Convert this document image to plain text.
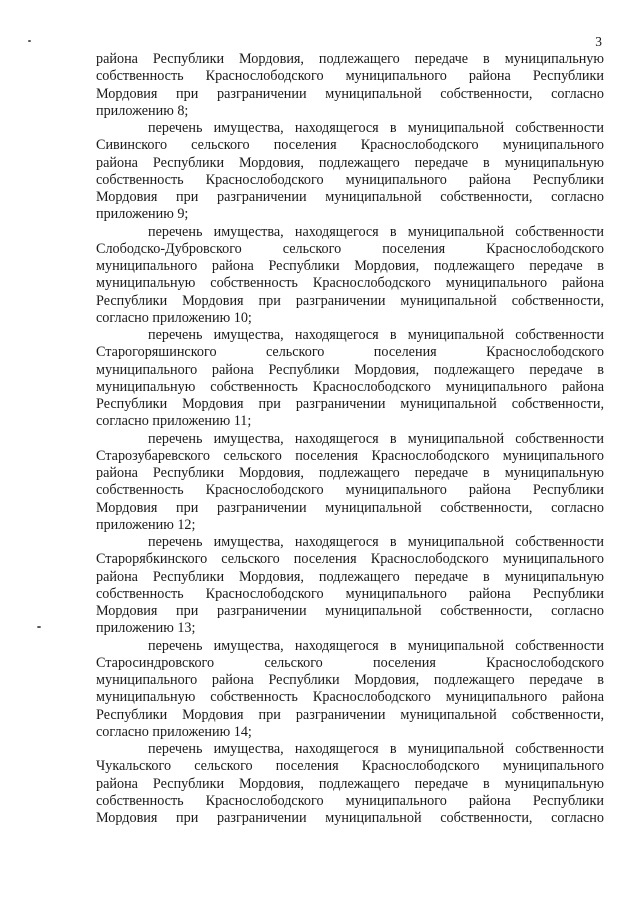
3
района Республики Мордовия, подлежащего передаче в муниципальную
собственность Краснослободского муниципального района Республики
Мордовия при разграничении муниципальной собственности, согласно
приложению 8;
перечень имущества, находящегося в муниципальной собственности
Сивинского сельского поселения Краснослободского муниципального
района Республики Мордовия, подлежащего передаче в муниципальную
собственность Краснослободского муниципального района Республики
Мордовия при разграничении муниципальной собственности, согласно
приложению 9;
перечень имущества, находящегося в муниципальной собственности
Слободско-Дубровского сельского поселения Краснослободского
муниципального района Республики Мордовия, подлежащего передаче в
муниципальную собственность Краснослободского муниципального района
Республики Мордовия при разграничении муниципальной собственности,
согласно приложению 10;
перечень имущества, находящегося в муниципальной собственности
Старогоряшинского сельского поселения Краснослободского
муниципального района Республики Мордовия, подлежащего передаче в
муниципальную собственность Краснослободского муниципального района
Республики Мордовия при разграничении муниципальной собственности,
согласно приложению 11;
перечень имущества, находящегося в муниципальной собственности
Старозубаревского сельского поселения Краснослободского муниципального
района Республики Мордовия, подлежащего передаче в муниципальную
собственность Краснослободского муниципального района Республики
Мордовия при разграничении муниципальной собственности, согласно
приложению 12;
перечень имущества, находящегося в муниципальной собственности
Старорябкинского сельского поселения Краснослободского муниципального
района Республики Мордовия, подлежащего передаче в муниципальную
собственность Краснослободского муниципального района Республики
Мордовия при разграничении муниципальной собственности, согласно
приложению 13;
перечень имущества, находящегося в муниципальной собственности
Старосиндровского сельского поселения Краснослободского
муниципального района Республики Мордовия, подлежащего передаче в
муниципальную собственность Краснослободского муниципального района
Республики Мордовия при разграничении муниципальной собственности,
согласно приложению 14;
перечень имущества, находящегося в муниципальной собственности
Чукальского сельского поселения Краснослободского муниципального
района Республики Мордовия, подлежащего передаче в муниципальную
собственность Краснослободского муниципального района Республики
Мордовия при разграничении муниципальной собственности, согласно
